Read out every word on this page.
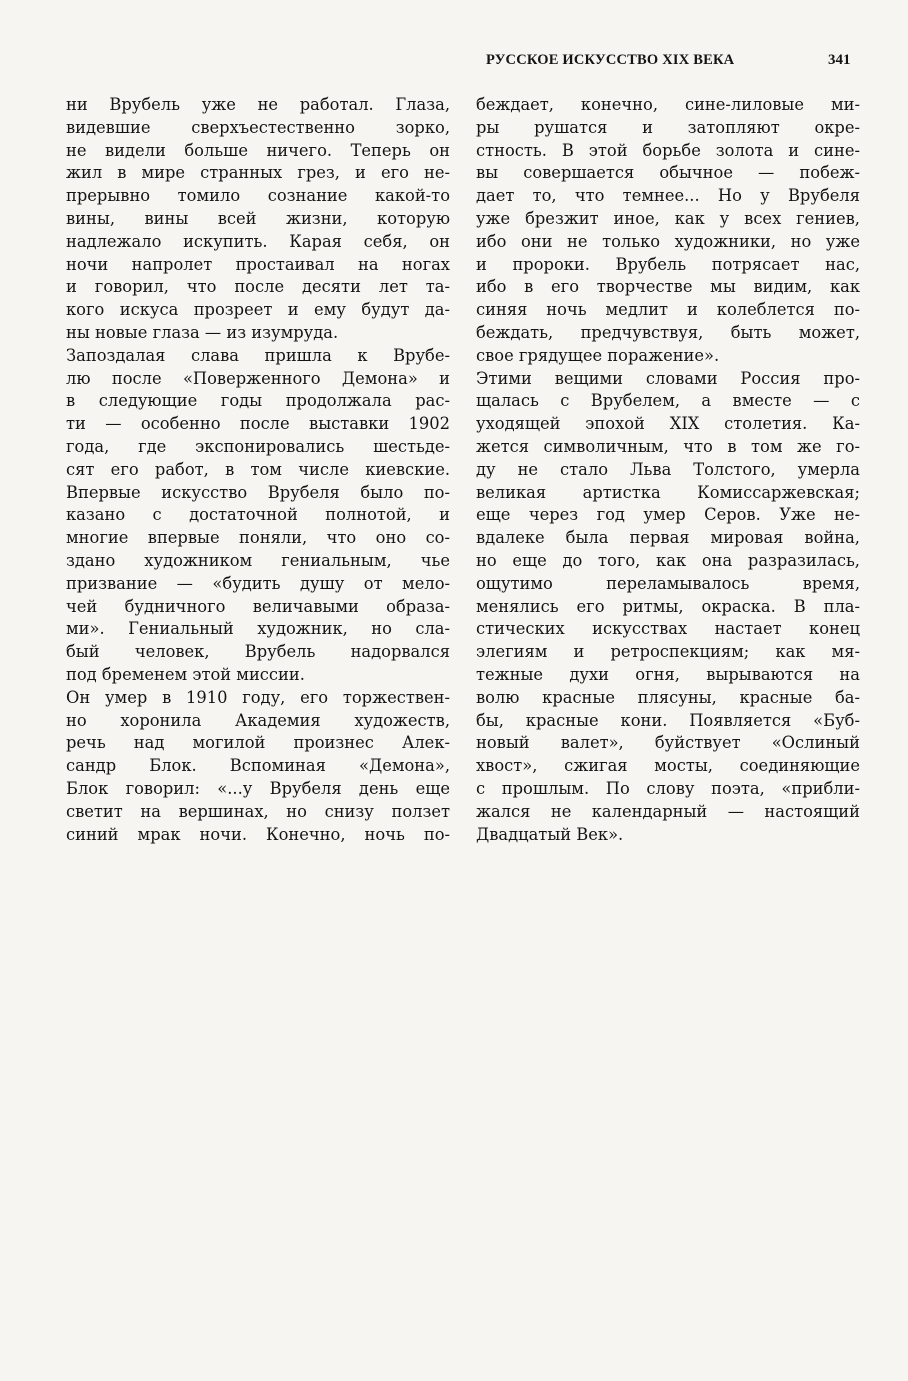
РУССКОЕ ИСКУССТВО XIX ВЕКА	341
ни Врубель уже не работал. Глаза,
видевшие сверхъестественно зорко,
не видели больше ничего. Теперь он
жил в мире странных грез, и его не-
прерывно томило сознание какой-то
вины, вины всей жизни, которую
надлежало искупить. Карая себя, он
ночи напролет простаивал на ногах
и говорил, что после десяти лет та-
кого искуса прозреет и ему будут да-
ны новые глаза — из изумруда.
Запоздалая слава пришла к Врубе-
лю после «Поверженного Демона» и
в следующие годы продолжала рас-
ти — особенно после выставки 1902
года, где экспонировались шестьде-
сят его работ, в том числе киевские.
Впервые искусство Врубеля было по-
казано с достаточной полнотой, и
многие впервые поняли, что оно со-
здано художником гениальным, чье
призвание — «будить душу от мело-
чей будничного величавыми образа-
ми». Гениальный художник, но сла-
бый человек, Врубель надорвался
под бременем этой миссии.
Он умер в 1910 году, его торжествен-
но хоронила Академия художеств,
речь над могилой произнес Алек-
сандр Блок. Вспоминая «Демона»,
Блок говорил: «...у Врубеля день еще
светит на вершинах, но снизу ползет
синий мрак ночи. Конечно, ночь по-
беждает, конечно, сине-лиловые ми-
ры рушатся и затопляют окре-
стность. В этой борьбе золота и сине-
вы совершается обычное — побеж-
дает то, что темнее... Но у Врубеля
уже брезжит иное, как у всех гениев,
ибо они не только художники, но уже
и пророки. Врубель потрясает нас,
ибо в его творчестве мы видим, как
синяя ночь медлит и колеблется по-
беждать, предчувствуя, быть может,
свое грядущее поражение».
Этими вещими словами Россия про-
щалась с Врубелем, а вместе — с
уходящей эпохой XIX столетия. Ка-
жется символичным, что в том же го-
ду не стало Льва Толстого, умерла
великая артистка Комиссаржевская;
еще через год умер Серов. Уже не-
вдалеке была первая мировая война,
но еще до того, как она разразилась,
ощутимо переламывалось время,
менялись его ритмы, окраска. В пла-
стических искусствах настает конец
элегиям и ретроспекциям; как мя-
тежные духи огня, вырываются на
волю красные плясуны, красные ба-
бы, красные кони. Появляется «Буб-
новый валет», буйствует «Ослиный
хвост», сжигая мосты, соединяющие
с прошлым. По слову поэта, «прибли-
жался не календарный — настоящий
Двадцатый Век».
